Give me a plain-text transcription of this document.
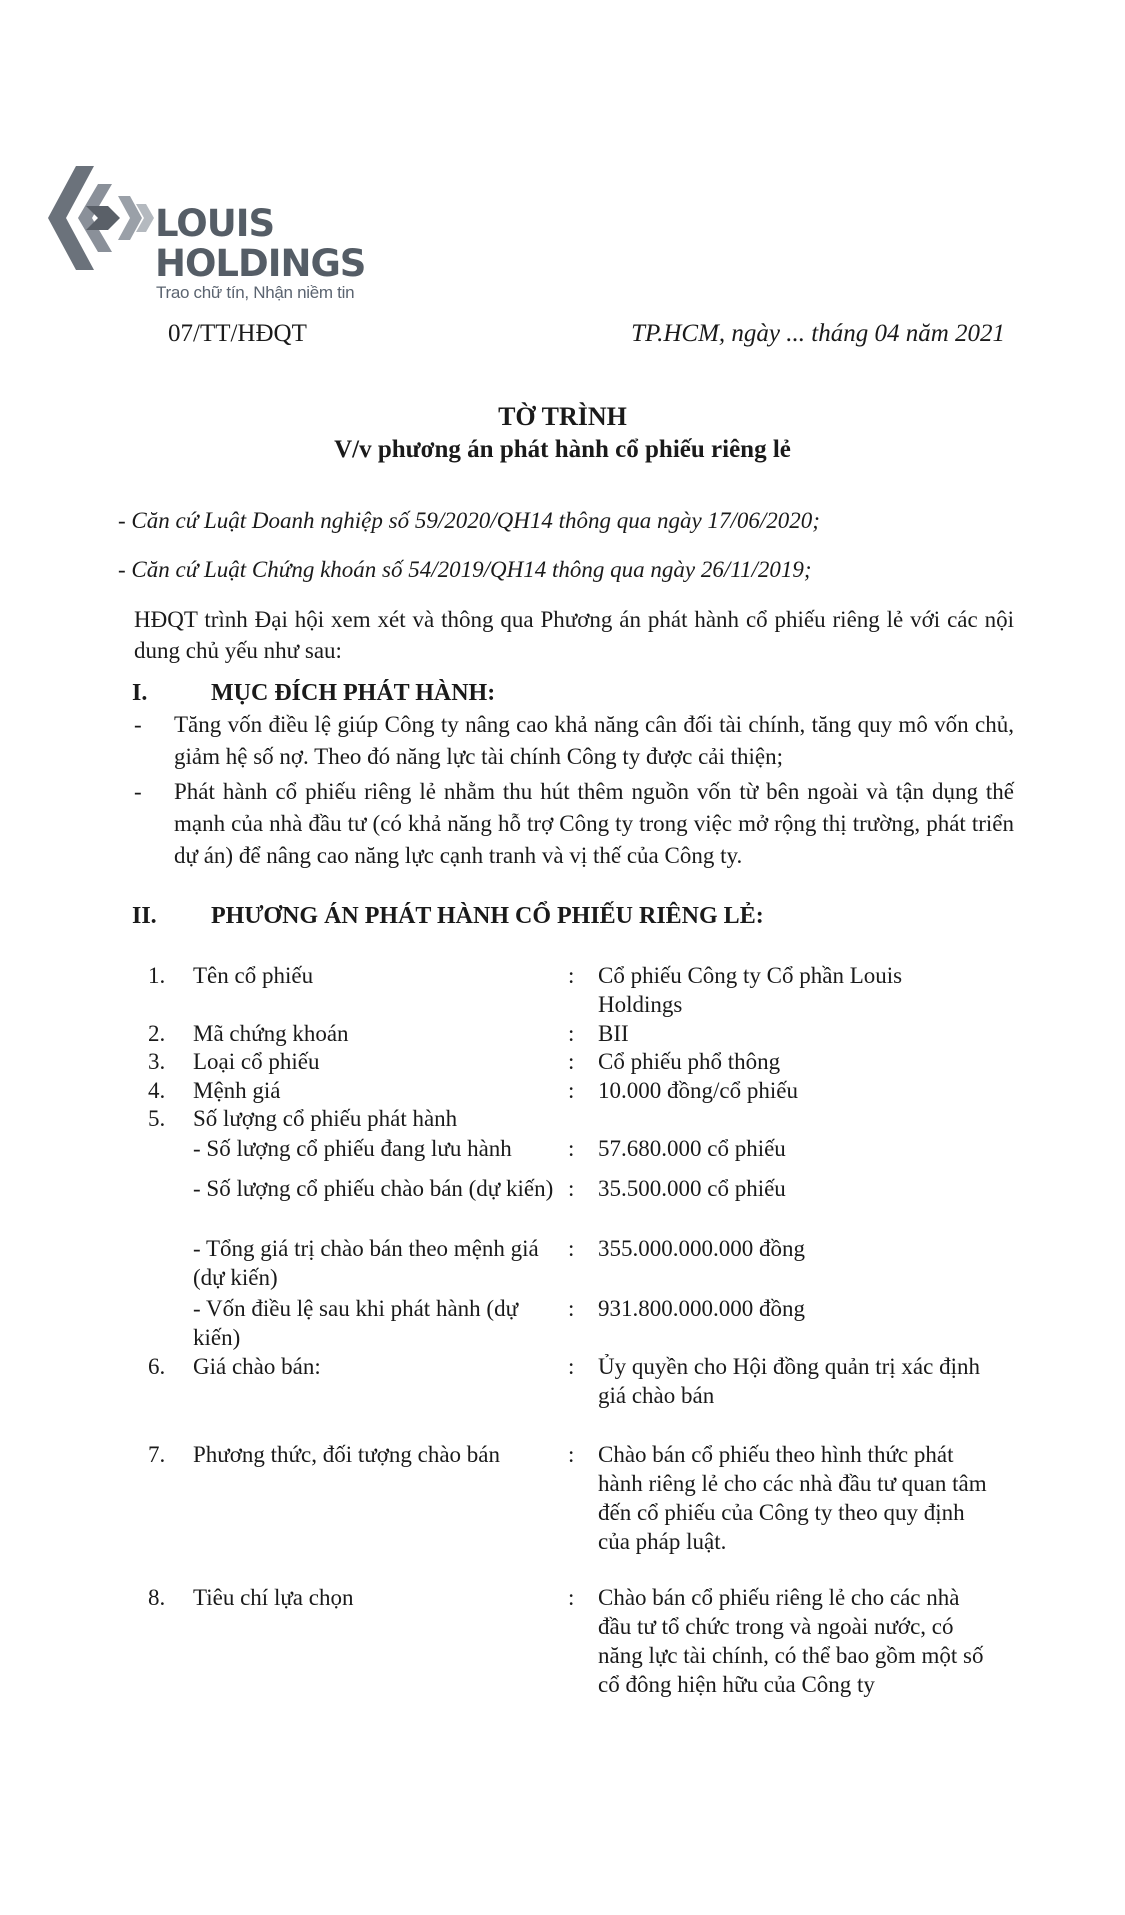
LOUIS
HOLDINGS
Trao chữ tín, Nhận niềm tin
07/TT/HĐQT	TP.HCM, ngày ... tháng 04 năm 2021
TỜ TRÌNH
V/v phương án phát hành cổ phiếu riêng lẻ
- Căn cứ Luật Doanh nghiệp số 59/2020/QH14 thông qua ngày 17/06/2020;
- Căn cứ Luật Chứng khoán số 54/2019/QH14 thông qua ngày 26/11/2019;
HĐQT trình Đại hội xem xét và thông qua Phương án phát hành cổ phiếu riêng lẻ với các nội dung chủ yếu như sau:
I.	MỤC ĐÍCH PHÁT HÀNH:
- Tăng vốn điều lệ giúp Công ty nâng cao khả năng cân đối tài chính, tăng quy mô vốn chủ, giảm hệ số nợ. Theo đó năng lực tài chính Công ty được cải thiện;
- Phát hành cổ phiếu riêng lẻ nhằm thu hút thêm nguồn vốn từ bên ngoài và tận dụng thế mạnh của nhà đầu tư (có khả năng hỗ trợ Công ty trong việc mở rộng thị trường, phát triển dự án) để nâng cao năng lực cạnh tranh và vị thế của Công ty.
II. PHƯƠNG ÁN PHÁT HÀNH CỔ PHIẾU RIÊNG LẺ:
1. Tên cổ phiếu	: Cổ phiếu Công ty Cổ phần Louis Holdings
2. Mã chứng khoán	: BII
3. Loại cổ phiếu	: Cổ phiếu phổ thông
4. Mệnh giá	: 10.000 đồng/cổ phiếu
5. Số lượng cổ phiếu phát hành
- Số lượng cổ phiếu đang lưu hành	: 57.680.000 cổ phiếu
- Số lượng cổ phiếu chào bán (dự kiến) : 35.500.000 cổ phiếu
- Tổng giá trị chào bán theo mệnh giá (dự kiến)
: 355.000.000.000 đồng
- Vốn điều lệ sau khi phát hành (dự kiến)
: 931.800.000.000 đồng
6. Giá chào bán:	: Ủy quyền cho Hội đồng quản trị xác định giá chào bán
7. Phương thức, đối tượng chào bán	: Chào bán cổ phiếu theo hình thức phát hành riêng lẻ cho các nhà đầu tư quan tâm đến cổ phiếu của Công ty theo quy định của pháp luật.
8. Tiêu chí lựa chọn	: Chào bán cổ phiếu riêng lẻ cho các nhà đầu tư tổ chức trong và ngoài nước, có năng lực tài chính, có thể bao gồm một số cổ đông hiện hữu của Công ty
